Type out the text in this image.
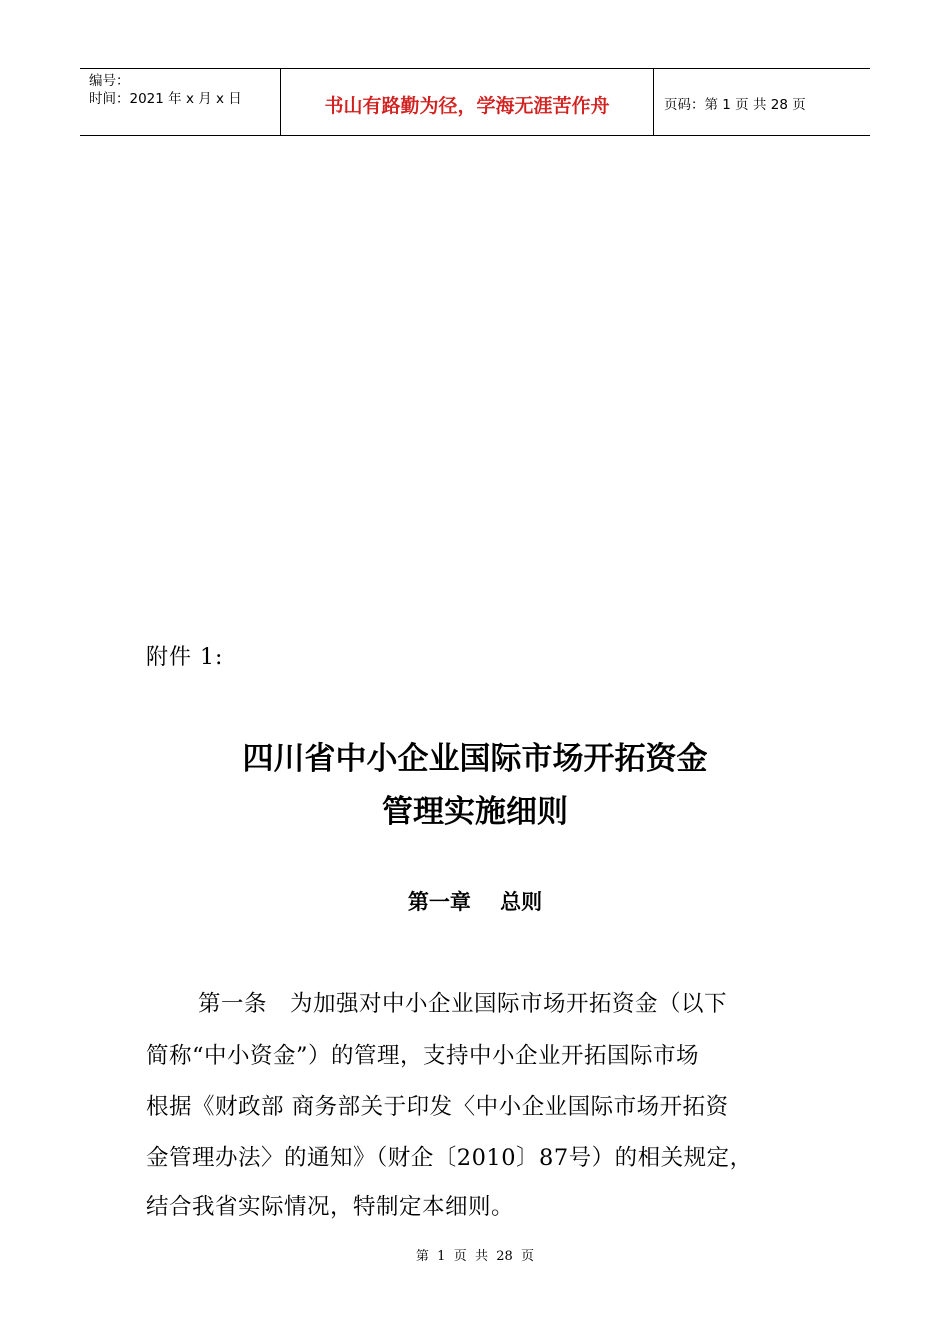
编号：
时间：2021 年 x 月 x 日	书山有路勤为径，学海无涯苦作舟	页码：第 1 页 共 28 页
附件 1:
四川省中小企业国际市场开拓资金
管理实施细则
第一章    总则
第一条   为加强对中小企业国际市场开拓资金（以下
简称“中小资金”）的管理，支持中小企业开拓国际市场
根据《财政部 商务部关于印发〈中小企业国际市场开拓资
金管理办法〉的通知》（财企〔2010〕87号）的相关规定，
结合我省实际情况，特制定本细则。
第  1  页  共  28  页
